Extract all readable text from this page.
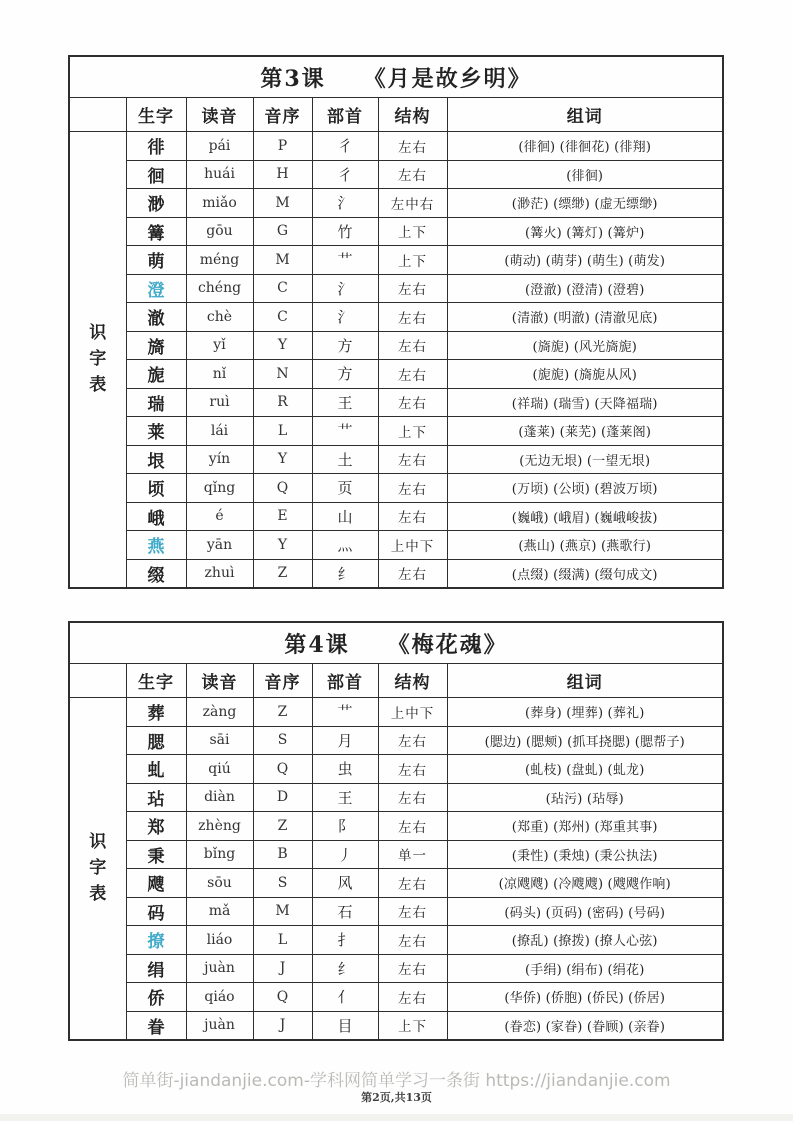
第3课 《月是故乡明》						

	生字	读音	音序	部首	结构	组词

识
字
表	徘	pái	P	彳	左右	(徘徊) (徘徊花) (徘翔)
	徊	huái	H	彳	左右	(徘徊)
	渺	miǎo	M	氵	左中右	(渺茫) (缥缈) (虚无缥缈)
	篝	gōu	G	竹	上下	(篝火) (篝灯) (篝炉)
	萌	méng	M	艹	上下	(萌动) (萌芽) (萌生) (萌发)
	澄	chéng	C	氵	左右	(澄澈) (澄清) (澄碧)
	澈	chè	C	氵	左右	(清澈) (明澈) (清澈见底)
	旖	yǐ	Y	方	左右	(旖旎) (风光旖旎)
	旎	nǐ	N	方	左右	(旎旎) (旖旎从风)
	瑞	ruì	R	王	左右	(祥瑞) (瑞雪) (天降福瑞)
	莱	lái	L	艹	上下	(蓬莱) (莱芜) (蓬莱阁)
	垠	yín	Y	土	左右	(无边无垠) (一望无垠)
	顷	qǐng	Q	页	左右	(万顷) (公顷) (碧波万顷)
	峨	é	E	山	左右	(巍峨) (峨眉) (巍峨峻拔)
	燕	yān	Y	灬	上中下	(燕山) (燕京) (燕歌行)
	缀	zhuì	Z	纟	左右	(点缀) (缀满) (缀句成文)
第4课 《梅花魂》						

	生字	读音	音序	部首	结构	组词

识
字
表	葬	zàng	Z	艹	上中下	(葬身) (埋葬) (葬礼)
	腮	sāi	S	月	左右	(腮边) (腮颊) (抓耳挠腮) (腮帮子)
	虬	qiú	Q	虫	左右	(虬枝) (盘虬) (虬龙)
	玷	diàn	D	王	左右	(玷污) (玷辱)
	郑	zhèng	Z	阝	左右	(郑重) (郑州) (郑重其事)
	秉	bǐng	B	丿	单一	(秉性) (秉烛) (秉公执法)
	飕	sōu	S	风	左右	(凉飕飕) (冷飕飕) (飕飕作响)
	码	mǎ	M	石	左右	(码头) (页码) (密码) (号码)
	撩	liáo	L	扌	左右	(撩乱) (撩拨) (撩人心弦)
	绢	juàn	J	纟	左右	(手绢) (绢布) (绢花)
	侨	qiáo	Q	亻	左右	(华侨) (侨胞) (侨民) (侨居)
	眷	juàn	J	目	上下	(眷恋) (家眷) (眷顾) (亲眷)
简单街-jiandanjie.com-学科网简单学习一条街 https://jiandanjie.com
第2页,共13页
